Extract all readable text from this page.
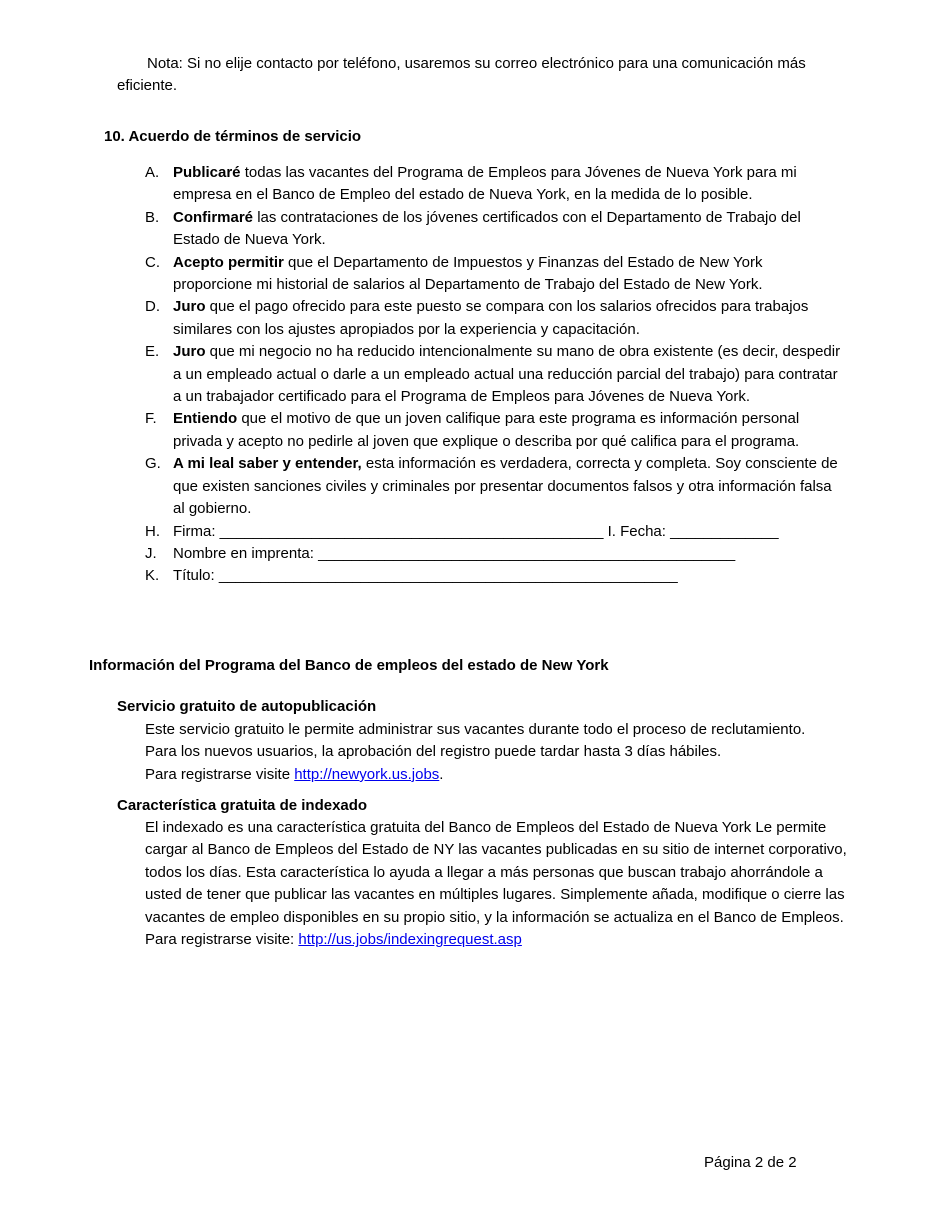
Nota: Si no elije contacto por teléfono, usaremos su correo electrónico para una comunicación más eficiente.
10. Acuerdo de términos de servicio
A. Publicaré todas las vacantes del Programa de Empleos para Jóvenes de Nueva York para mi empresa en el Banco de Empleo del estado de Nueva York, en la medida de lo posible.
B. Confirmaré las contrataciones de los jóvenes certificados con el Departamento de Trabajo del Estado de Nueva York.
C. Acepto permitir que el Departamento de Impuestos y Finanzas del Estado de New York proporcione mi historial de salarios al Departamento de Trabajo del Estado de New York.
D. Juro que el pago ofrecido para este puesto se compara con los salarios ofrecidos para trabajos similares con los ajustes apropiados por la experiencia y capacitación.
E. Juro que mi negocio no ha reducido intencionalmente su mano de obra existente (es decir, despedir a un empleado actual o darle a un empleado actual una reducción parcial del trabajo) para contratar a un trabajador certificado para el Programa de Empleos para Jóvenes de Nueva York.
F. Entiendo que el motivo de que un joven califique para este programa es información personal privada y acepto no pedirle al joven que explique o describa por qué califica para el programa.
G. A mi leal saber y entender, esta información es verdadera, correcta y completa. Soy consciente de que existen sanciones civiles y criminales por presentar documentos falsos y otra información falsa al gobierno.
H. Firma: ______________________________________________ I. Fecha: _____________
J. Nombre en imprenta: __________________________________________________
K. Título: _______________________________________________________
Información del Programa del Banco de empleos del estado de New York
Servicio gratuito de autopublicación
Este servicio gratuito le permite administrar sus vacantes durante todo el proceso de reclutamiento.
Para los nuevos usuarios, la aprobación del registro puede tardar hasta 3 días hábiles.
Para registrarse visite http://newyork.us.jobs.
Característica gratuita de indexado
El indexado es una característica gratuita del Banco de Empleos del Estado de Nueva York Le permite cargar al Banco de Empleos del Estado de NY las vacantes publicadas en su sitio de internet corporativo, todos los días. Esta característica lo ayuda a llegar a más personas que buscan trabajo ahorrándole a usted de tener que publicar las vacantes en múltiples lugares. Simplemente añada, modifique o cierre las vacantes de empleo disponibles en su propio sitio, y la información se actualiza en el Banco de Empleos.
Para registrarse visite: http://us.jobs/indexingrequest.asp
Página 2 de 2
